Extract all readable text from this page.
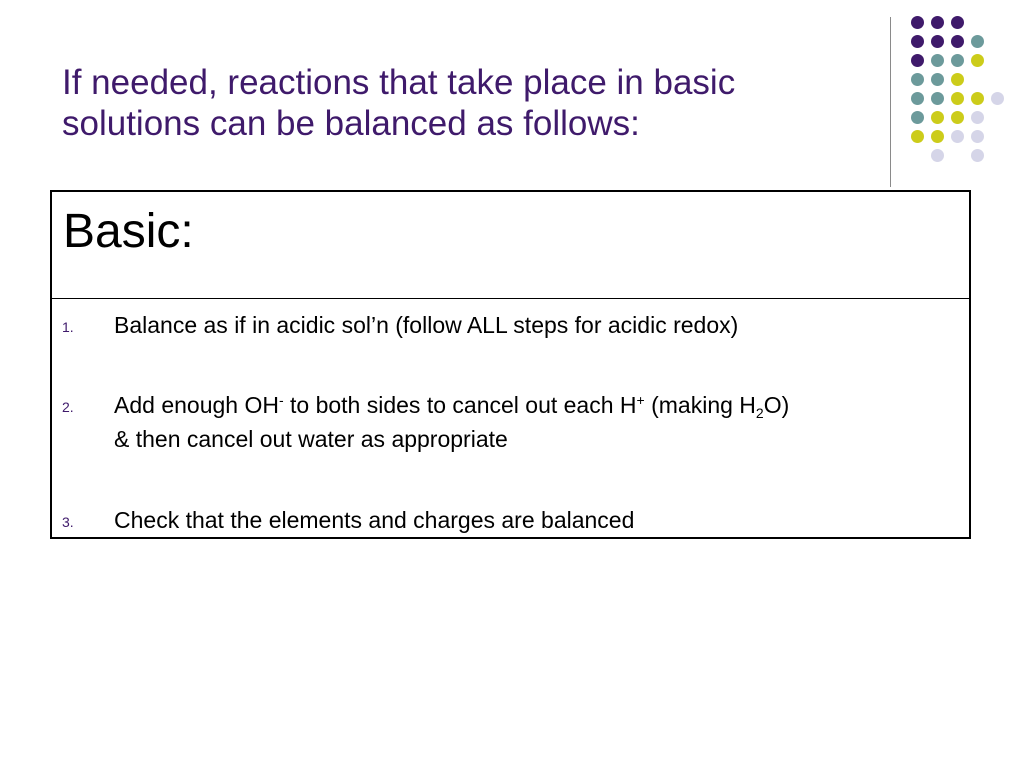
If needed, reactions that take place in basic
solutions can be balanced as follows:
Basic:
1. Balance as if in acidic sol’n (follow ALL steps for acidic redox)
2. Add enough OH- to both sides to cancel out each H+ (making $H_2O$)
& then cancel out water as appropriate
3. Check that the elements and charges are balanced
